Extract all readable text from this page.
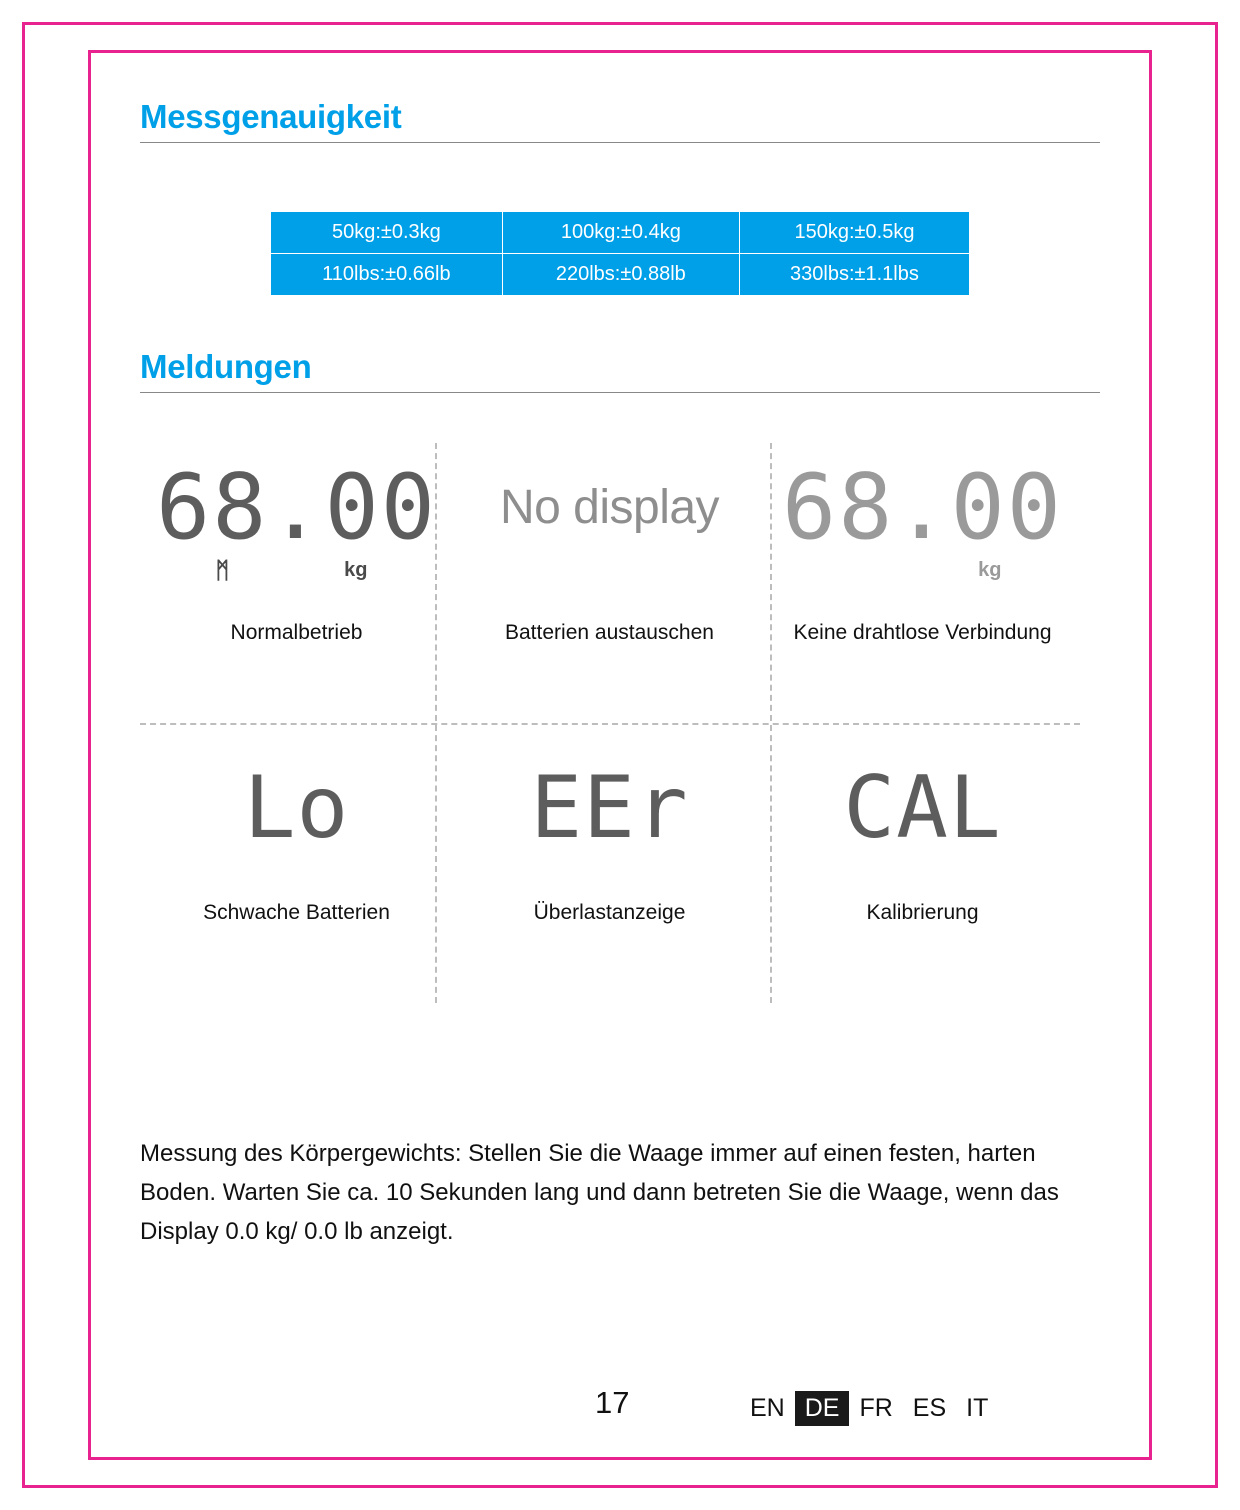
Messgenauigkeit
50kg:±0.3kg	100kg:±0.4kg	150kg:±0.5kg
110lbs:±0.66lb	220lbs:±0.88lb	330lbs:±1.1lbs
Meldungen
68.00
ᛗ	kg
Normalbetrieb
No display
Batterien austauschen
68.00
kg
Keine drahtlose Verbindung
Lo
Schwache Batterien
EEr
Überlastanzeige
CAL
Kalibrierung

Messung des Körpergewichts: Stellen Sie die Waage immer auf einen festen, harten Boden. Warten Sie ca. 10 Sekunden lang und dann betreten Sie die Waage, wenn das Display 0.0 kg/ 0.0 lb anzeigt.

17	EN DE FR ES IT
